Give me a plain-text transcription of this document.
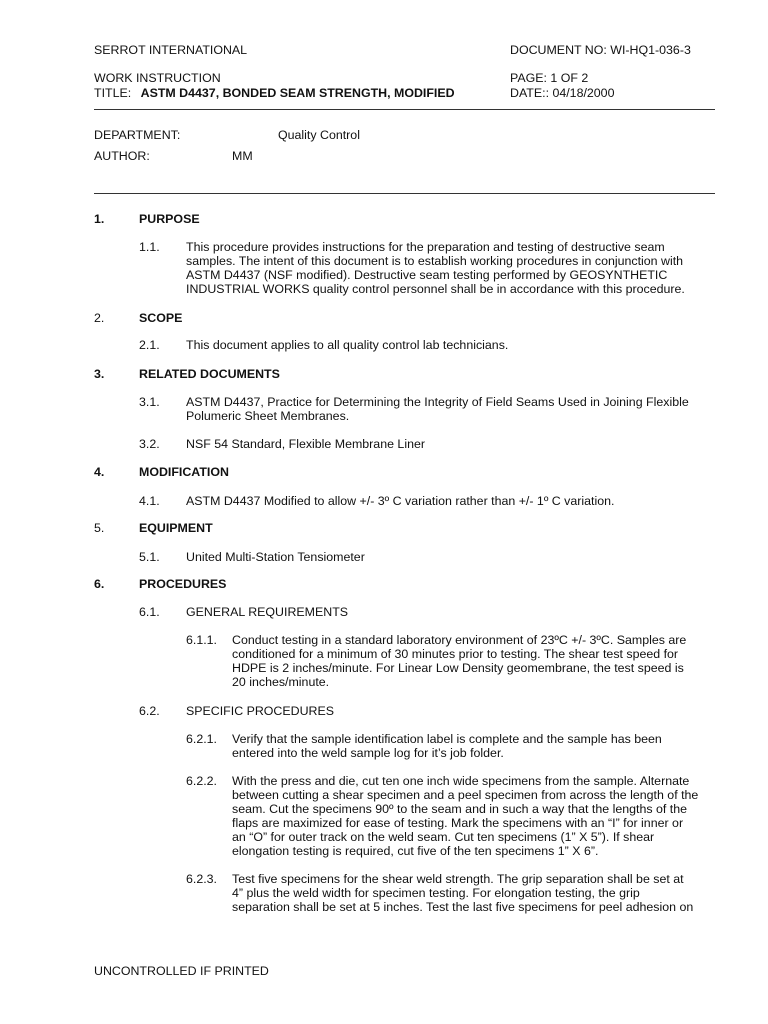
SERROT INTERNATIONAL	DOCUMENT NO: WI-HQ1-036-3
WORK INSTRUCTION	PAGE: 1 OF 2
TITLE: ASTM D4437, BONDED SEAM STRENGTH, MODIFIED	DATE:: 04/18/2000
DEPARTMENT:	Quality Control
AUTHOR:	MM
1.	PURPOSE
1.1. This procedure provides instructions for the preparation and testing of destructive seam
samples. The intent of this document is to establish working procedures in conjunction with
ASTM D4437 (NSF modified). Destructive seam testing performed by GEOSYNTHETIC
INDUSTRIAL WORKS quality control personnel shall be in accordance with this procedure.
2.	SCOPE
2.1. This document applies to all quality control lab technicians.
3.	RELATED DOCUMENTS
3.1. ASTM D4437, Practice for Determining the Integrity of Field Seams Used in Joining Flexible
Polumeric Sheet Membranes.
3.2. NSF 54 Standard, Flexible Membrane Liner
4.	MODIFICATION
4.1. ASTM D4437 Modified to allow +/- 3º C variation rather than +/- 1º C variation.
5.	EQUIPMENT
5.1. United Multi-Station Tensiometer
6.	PROCEDURES
6.1. GENERAL REQUIREMENTS
6.1.1. Conduct testing in a standard laboratory environment of 23ºC +/- 3ºC. Samples are
conditioned for a minimum of 30 minutes prior to testing. The shear test speed for
HDPE is 2 inches/minute. For Linear Low Density geomembrane, the test speed is
20 inches/minute.
6.2. SPECIFIC PROCEDURES
6.2.1. Verify that the sample identification label is complete and the sample has been
entered into the weld sample log for it’s job folder.
6.2.2. With the press and die, cut ten one inch wide specimens from the sample. Alternate
between cutting a shear specimen and a peel specimen from across the length of the
seam. Cut the specimens 90º to the seam and in such a way that the lengths of the
flaps are maximized for ease of testing. Mark the specimens with an “I” for inner or
an “O” for outer track on the weld seam. Cut ten specimens (1” X 5”). If shear
elongation testing is required, cut five of the ten specimens 1” X 6”.
6.2.3. Test five specimens for the shear weld strength. The grip separation shall be set at
4” plus the weld width for specimen testing. For elongation testing, the grip
separation shall be set at 5 inches. Test the last five specimens for peel adhesion on
UNCONTROLLED IF PRINTED
